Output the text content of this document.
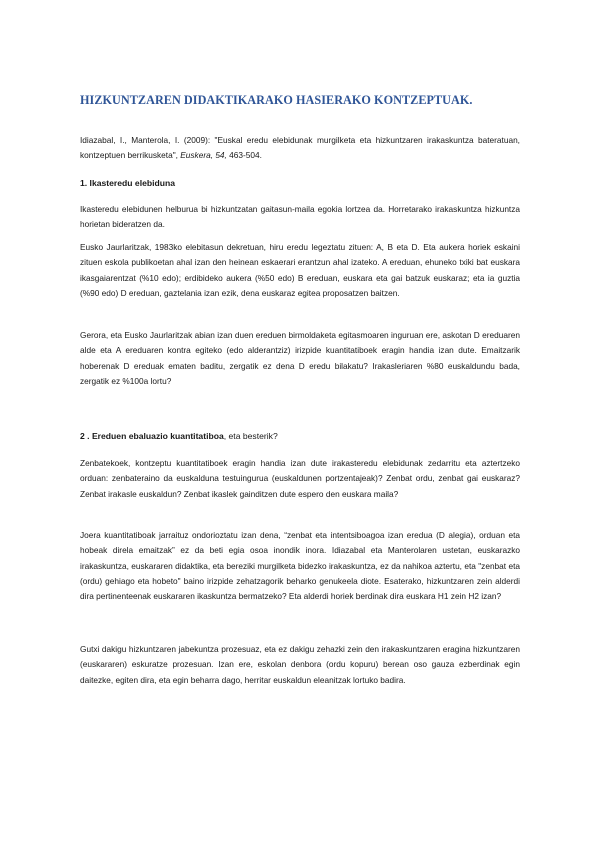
HIZKUNTZAREN DIDAKTIKARAKO HASIERAKO KONTZEPTUAK.

Idiazabal, I., Manterola, I. (2009): "Euskal eredu elebidunak murgilketa eta hizkuntzaren irakaskuntza bateratuan, kontzeptuen berrikusketa", Euskera, 54, 463-504.

1. Ikasteredu elebiduna

Ikasteredu elebidunen helburua bi hizkuntzatan gaitasun-maila egokia lortzea da. Horretarako irakaskuntza hizkuntza horietan bideratzen da.

Eusko Jaurlaritzak, 1983ko elebitasun dekretuan, hiru eredu legeztatu zituen: A, B eta D. Eta aukera horiek eskaini zituen eskola publikoetan ahal izan den heinean eskaerari erantzun ahal izateko. A ereduan, ehuneko txiki bat euskara ikasgaiarentzat (%10 edo); erdibideko aukera (%50 edo) B ereduan, euskara eta gai batzuk euskaraz; eta ia guztia (%90 edo) D ereduan, gaztelania izan ezik, dena euskaraz egitea proposatzen baitzen.

Gerora, eta Eusko Jaurlaritzak abian izan duen ereduen birmoldaketa egitasmoaren inguruan ere, askotan D ereduaren alde eta A ereduaren kontra egiteko (edo alderantziz) irizpide kuantitatiboek eragin handia izan dute. Emaitzarik hoberenak D ereduak ematen baditu, zergatik ez dena D eredu bilakatu? Irakasleriaren %80 euskaldundu bada, zergatik ez %100a lortu?

2 . Ereduen ebaluazio kuantitatiboa, eta besterik?

Zenbatekoek, kontzeptu kuantitatiboek eragin handia izan dute irakasteredu elebidunak zedarritu eta aztertzeko orduan: zenbateraino da euskalduna testuingurua (euskaldunen portzentajeak)? Zenbat ordu, zenbat gai euskaraz? Zenbat irakasle euskaldun? Zenbat ikaslek gainditzen dute espero den euskara maila?

Joera kuantitatiboak jarraituz ondorioztatu izan dena, “zenbat eta intentsiboagoa izan eredua (D alegia), orduan eta hobeak direla emaitzak” ez da beti egia osoa inondik inora. Idiazabal eta Manterolaren ustetan, euskarazko irakaskuntza, euskararen didaktika, eta bereziki murgilketa bidezko irakaskuntza, ez da nahikoa aztertu, eta "zenbat eta (ordu) gehiago eta hobeto" baino irizpide zehatzagorik beharko genukeela diote. Esaterako, hizkuntzaren zein alderdi dira pertinenteenak euskararen ikaskuntza bermatzeko? Eta alderdi horiek berdinak dira euskara H1 zein H2 izan?

Gutxi dakigu hizkuntzaren jabekuntza prozesuaz, eta ez dakigu zehazki zein den irakaskuntzaren eragina hizkuntzaren (euskararen) eskuratze prozesuan. Izan ere, eskolan denbora (ordu kopuru) berean oso gauza ezberdinak egin daitezke, egiten dira, eta egin beharra dago, herritar euskaldun eleanitzak lortuko badira.
